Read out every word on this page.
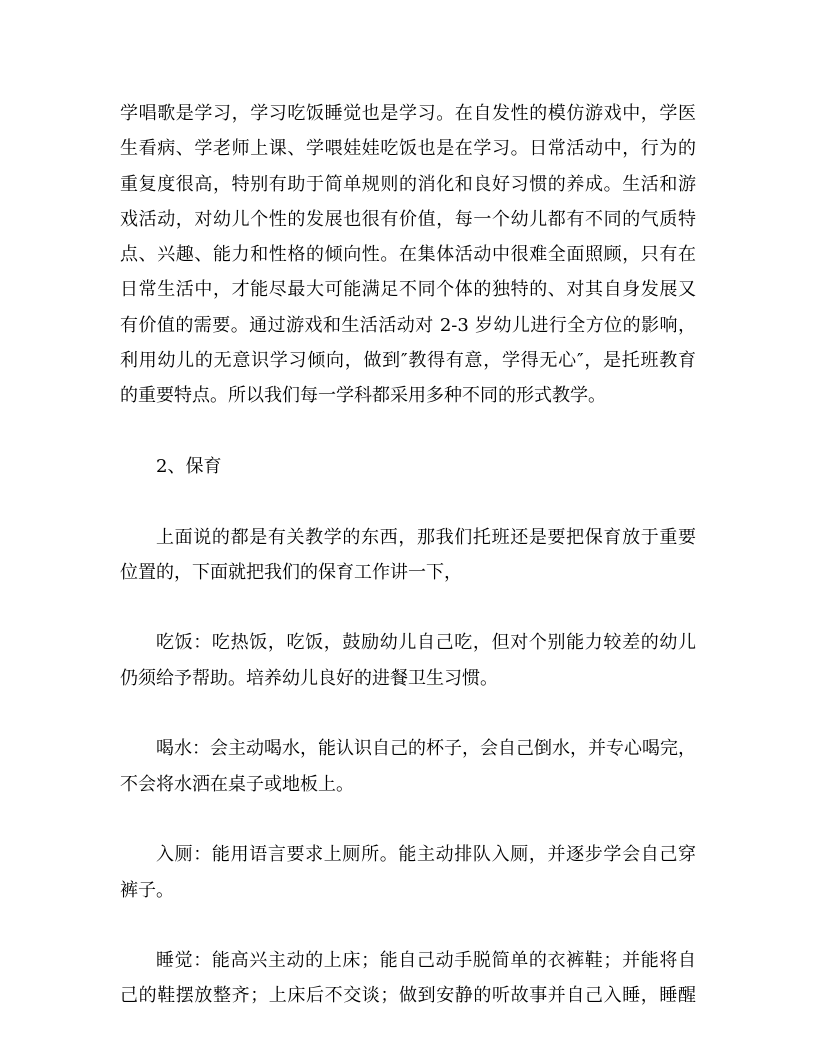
学唱歌是学习，学习吃饭睡觉也是学习。在自发性的模仿游戏中，学医
生看病、学老师上课、学喂娃娃吃饭也是在学习。日常活动中，行为的
重复度很高，特别有助于简单规则的消化和良好习惯的养成。生活和游
戏活动，对幼儿个性的发展也很有价值，每一个幼儿都有不同的气质特
点、兴趣、能力和性格的倾向性。在集体活动中很难全面照顾，只有在
日常生活中，才能尽最大可能满足不同个体的独特的、对其自身发展又
有价值的需要。通过游戏和生活活动对 2-3 岁幼儿进行全方位的影响，
利用幼儿的无意识学习倾向，做到″教得有意，学得无心″，是托班教育
的重要特点。所以我们每一学科都采用多种不同的形式教学。
2、保育
上面说的都是有关教学的东西，那我们托班还是要把保育放于重要
位置的，下面就把我们的保育工作讲一下，
吃饭：吃热饭，吃饭，鼓励幼儿自己吃，但对个别能力较差的幼儿
仍须给予帮助。培养幼儿良好的进餐卫生习惯。
喝水：会主动喝水，能认识自己的杯子，会自己倒水，并专心喝完，
不会将水洒在桌子或地板上。
入厕：能用语言要求上厕所。能主动排队入厕，并逐步学会自己穿
裤子。
睡觉：能高兴主动的上床；能自己动手脱简单的衣裤鞋；并能将自
己的鞋摆放整齐；上床后不交谈；做到安静的听故事并自己入睡，睡醒
